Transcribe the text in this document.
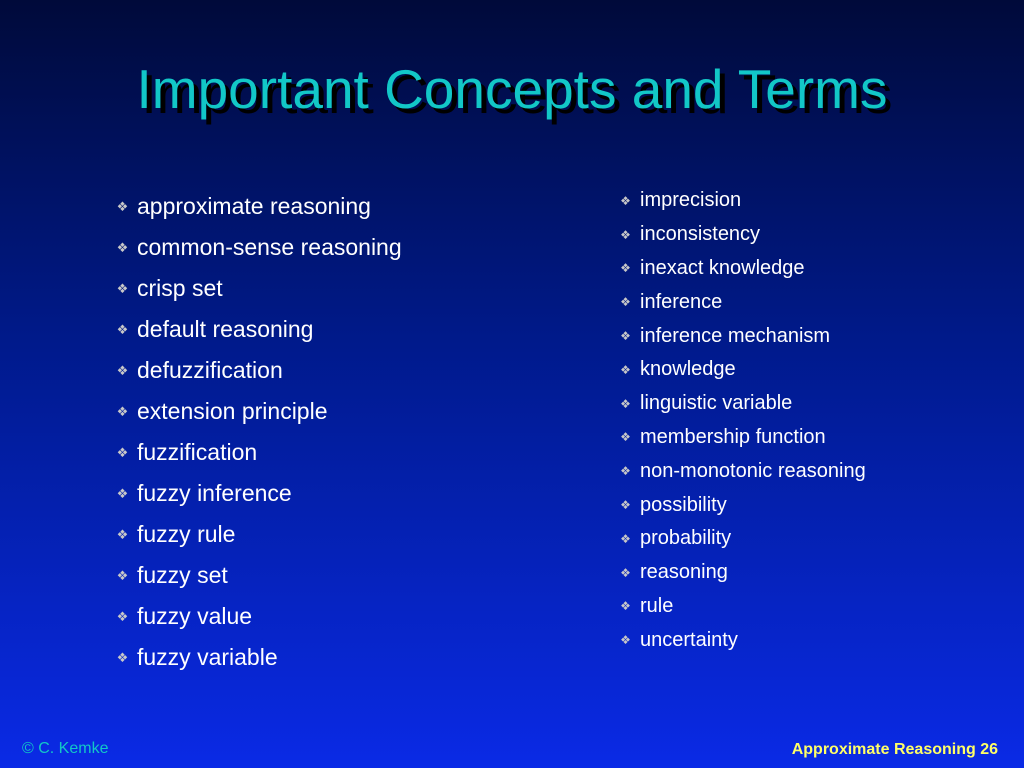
Important Concepts and Terms
❖ approximate reasoning
❖ common-sense reasoning
❖ crisp set
❖ default reasoning
❖ defuzzification
❖ extension principle
❖ fuzzification
❖ fuzzy inference
❖ fuzzy rule
❖ fuzzy set
❖ fuzzy value
❖ fuzzy variable
❖ imprecision
❖ inconsistency
❖ inexact knowledge
❖ inference
❖ inference mechanism
❖ knowledge
❖ linguistic variable
❖ membership function
❖ non-monotonic reasoning
❖ possibility
❖ probability
❖ reasoning
❖ rule
❖ uncertainty
© C. Kemke	Approximate Reasoning 26
